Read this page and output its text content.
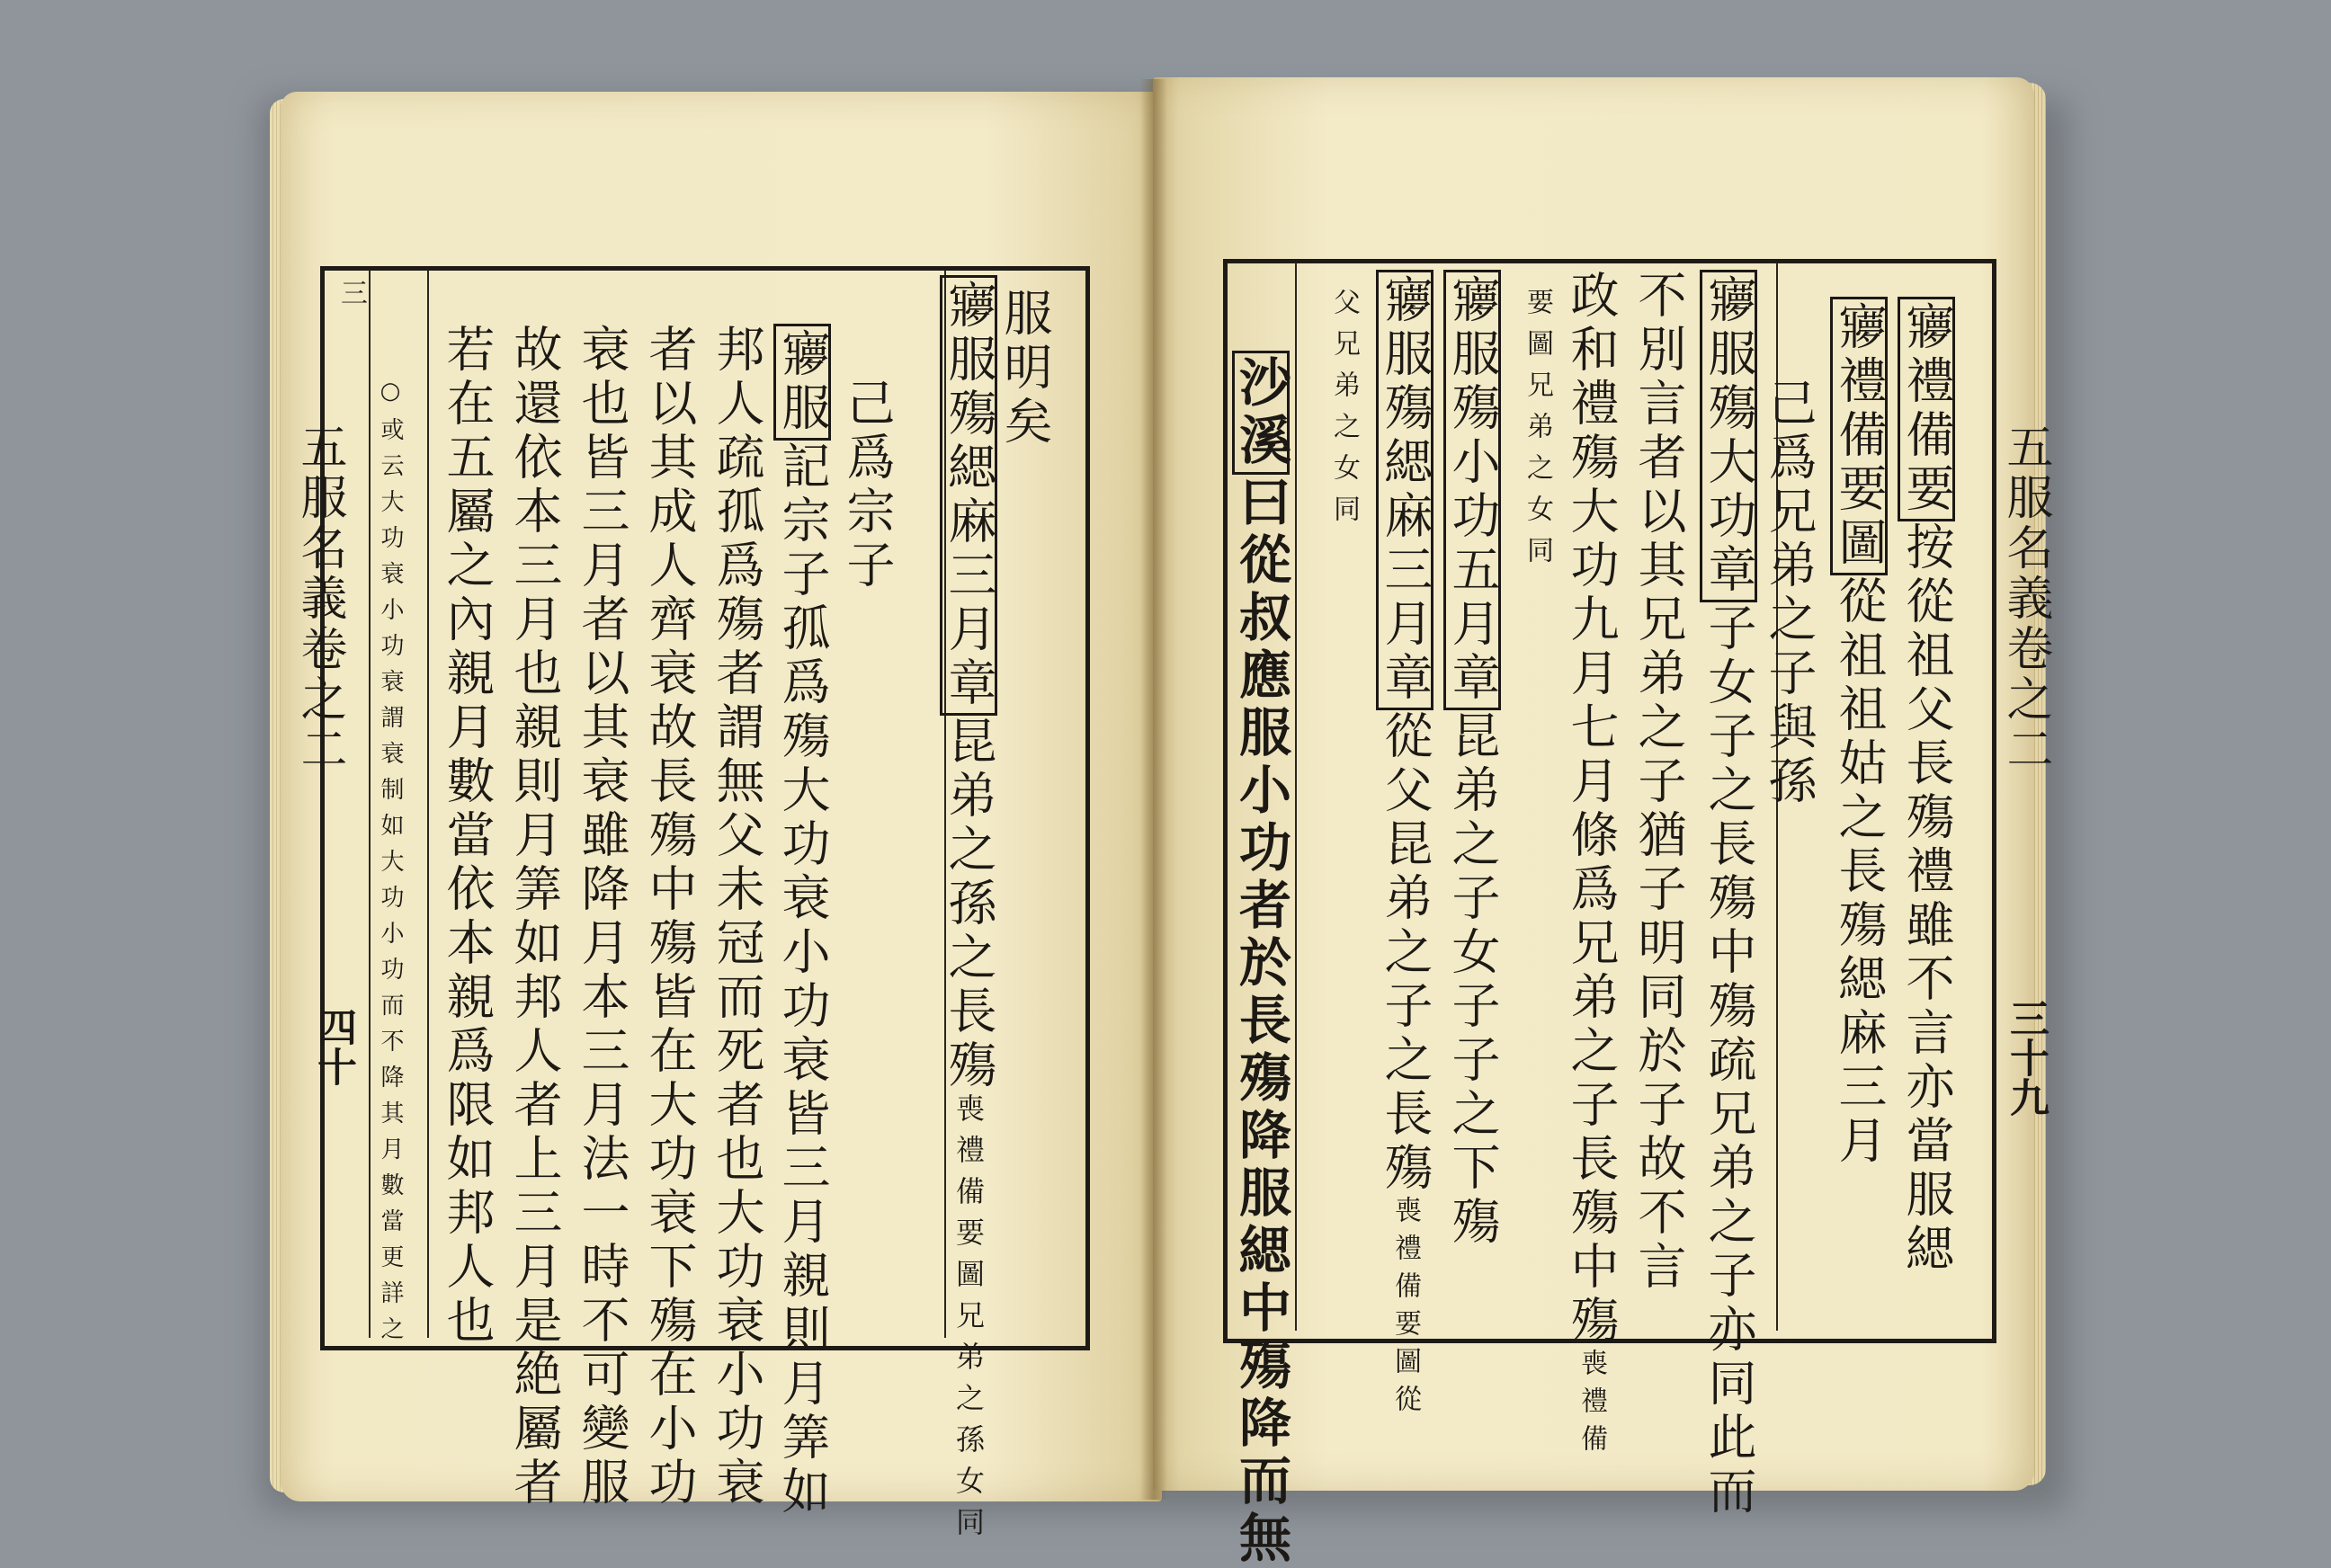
五服名義卷之二
四十
三	服明矣
㝱服殤緦麻三月章昆弟之孫之長殤喪禮備要圖兄弟之孫女同
己爲宗子
㝱服記宗子孤爲殤大功衰小功衰皆三月親則月筭如
邦人疏孤爲殤者謂無父未冠而死者也大功衰小功衰
者以其成人齊衰故長殤中殤皆在大功衰下殤在小功
衰也皆三月者以其衰雖降月本三月法一時不可變服
故還依本三月也親則月筭如邦人者上三月是絶屬者
若在五屬之內親月數當依本親爲限如邦人也
○或云大功衰小功衰謂衰制如大功小功而不降其月數當更詳之	五服名義卷之二
三十九
㝱禮備要按從祖父長殤禮雖不言亦當服緦
㝱禮備要圖從祖祖姑之長殤緦麻三月
己爲兄弟之子與孫
㝱服殤大功章子女子之長殤中殤疏兄弟之子亦同此而
不別言者以其兄弟之子猶子明同於子故不言
政和禮殤大功九月七月條爲兄弟之子長殤中殤喪禮備
要圖兄弟之女同
㝱服殤小功五月章昆弟之子女子子之下殤
㝱服殤緦麻三月章從父昆弟之子之長殤喪禮備要圖從
父兄弟之女同
沙溪曰從叔應服小功者於長殤降服緦中殤降而無
